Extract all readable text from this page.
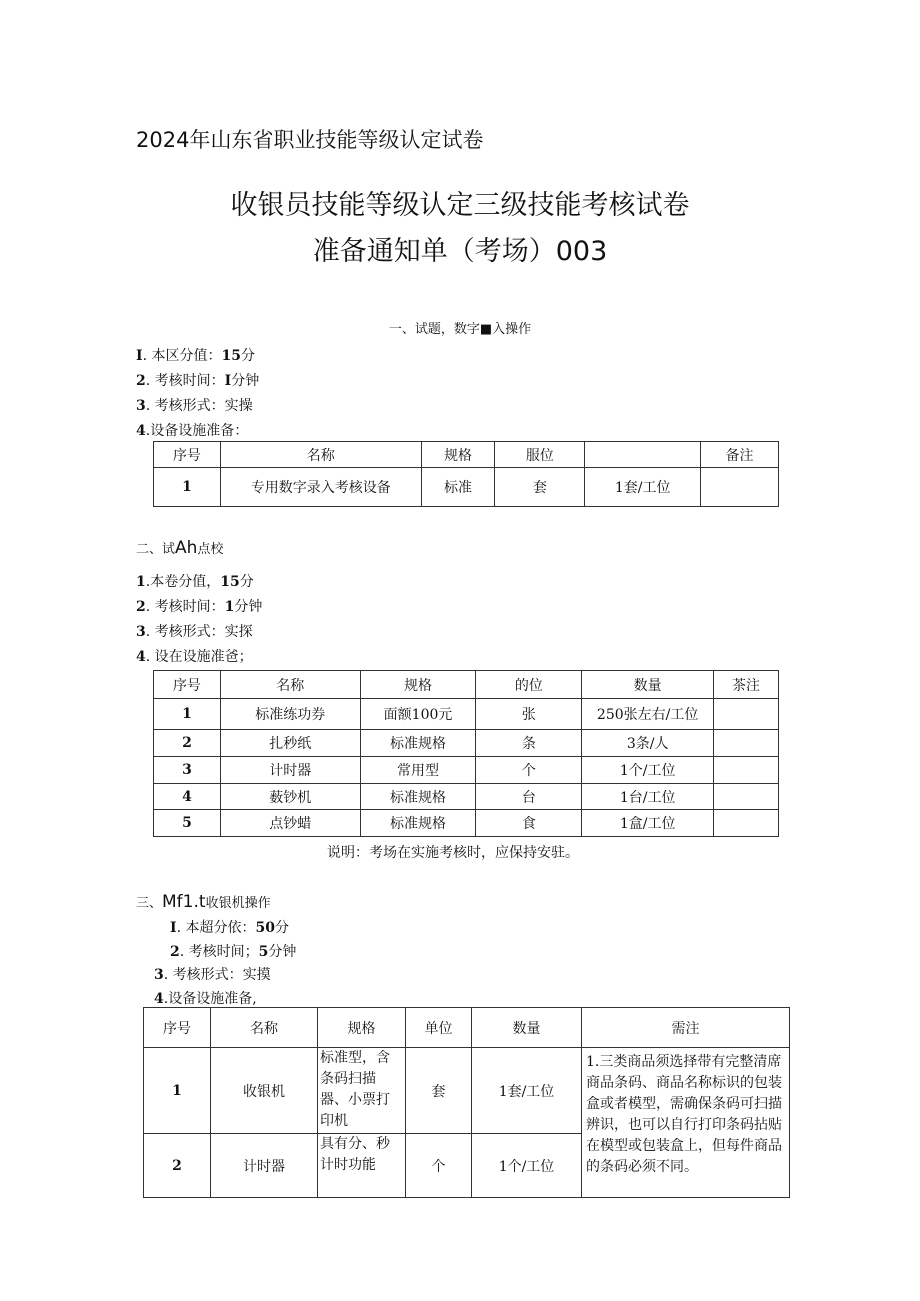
2024年山东省职业技能等级认定试卷
收银员技能等级认定三级技能考核试卷
准备通知单（考场）003
一、试题，数字■入操作
I. 本区分值：15分
2. 考核时间：I分钟
3. 考核形式：实操
4.设备设施准备：
序号	名称	规格	服位		备注
1	专用数字录入考核设备	标准	套	1套/工位	
二、试Ah点校
1.本卷分值，15分
2. 考核时间：1分钟
3. 考核形式：实探
4. 设在设施准爸；
序号	名称	规格	的位	数量	茶注
1	标准练功券	面额100元	张	250张左右/工位	
2	扎秒纸	标准规格	条	3条/人	
3	计时器	常用型	个	1个/工位	
4	薮钞机	标准规格	台	1台/工位	
5	点钞蜡	标准规格	食	1盒/工位	
说明：考场在实施考核时，应保持安驻。
三、Mf1.t收银机操作
I. 本超分依：50分
2. 考核时间；5分钟
3. 考核形式：实摸
4.设备设施准备,
序号	名称	规格	单位	数量	需注
1	收银机	标准型，含条码扫描器、小票打印机	套	1套/工位	1.三类商品须选择带有完整清席商品条码、商品名称标识的包装盒或者模型，需确保条码可扫描辨识，也可以自行打印条码拈贴在模型或包装盒上，但每件商品的条码必须不同。
2	计时器	具有分、秒计时功能	个	1个/工位	
